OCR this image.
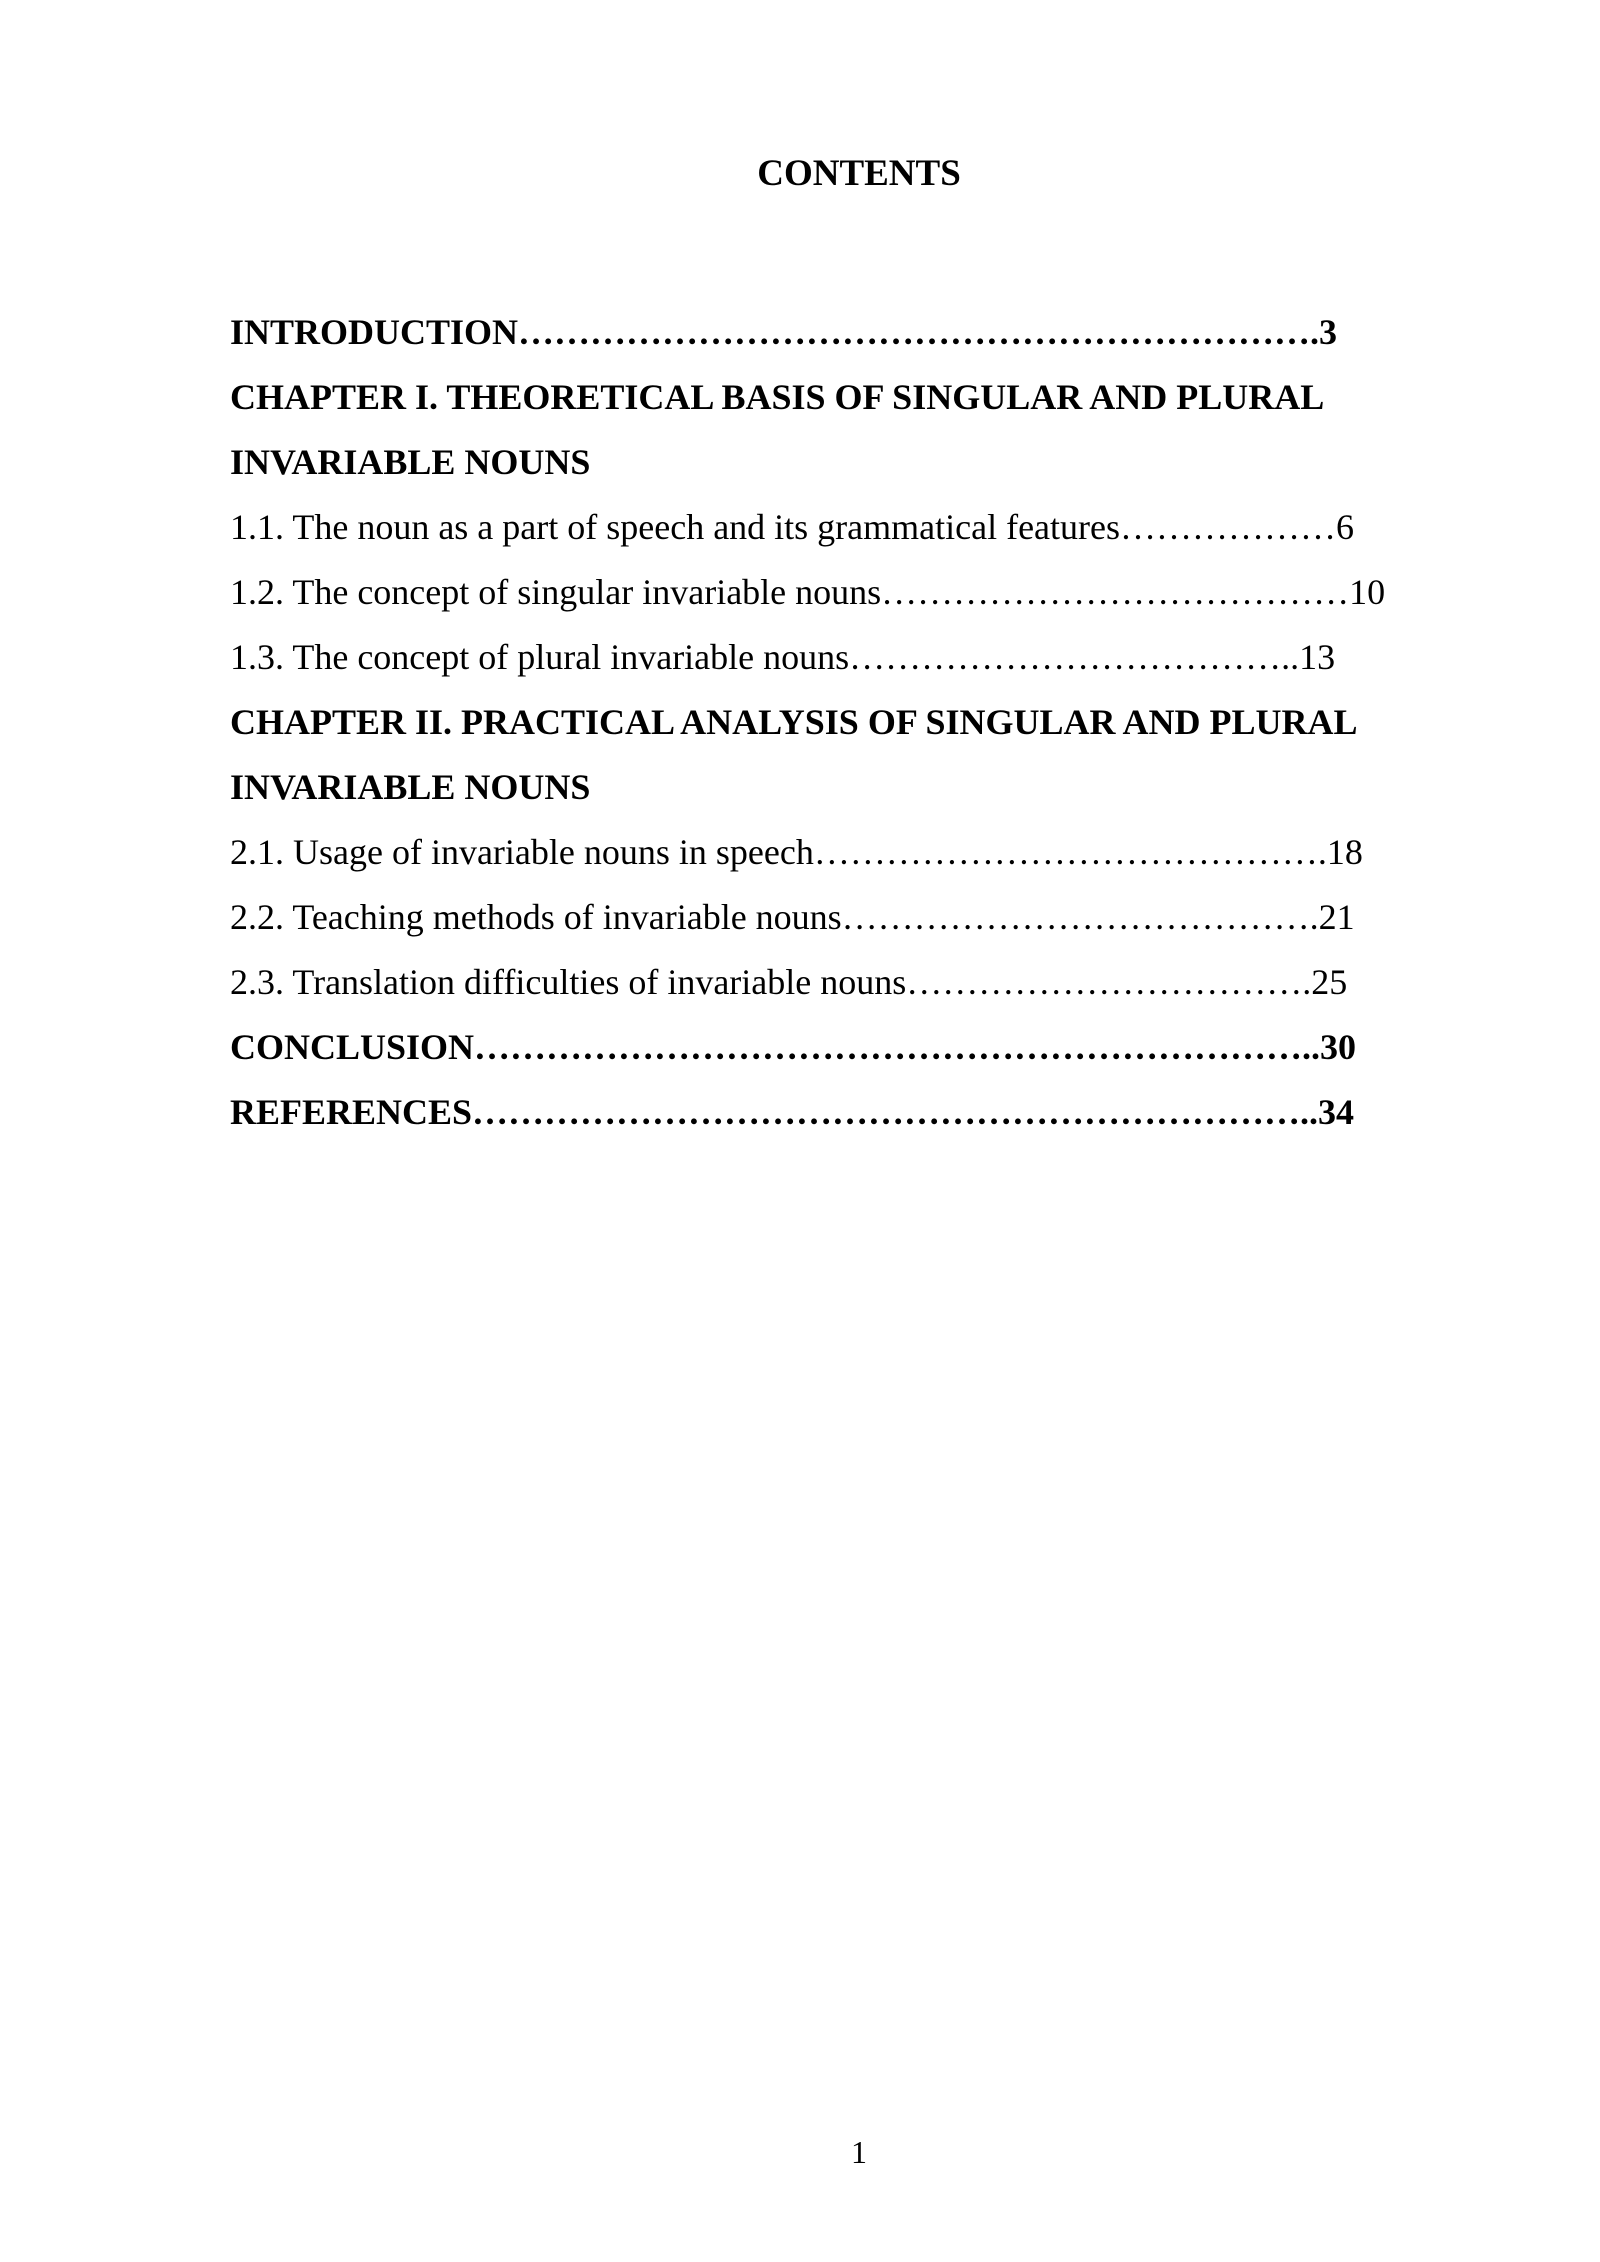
CONTENTS
INTRODUCTION………………………………………………………….3
CHAPTER I. THEORETICAL BASIS OF SINGULAR AND PLURAL
INVARIABLE NOUNS
1.1. The noun as a part of speech and its grammatical features………………6
1.2. The concept of singular invariable nouns…………………………………10
1.3. The concept of plural invariable nouns………………………………..13
CHAPTER II. PRACTICAL ANALYSIS OF SINGULAR AND PLURAL
INVARIABLE NOUNS
2.1. Usage of invariable nouns in speech…………………………………….18
2.2. Teaching methods of invariable nouns………………………………….21
2.3. Translation difficulties of invariable nouns…………………………….25
CONCLUSION……………………………………………………………..30
REFERENCES……………………………………………………………..34
1
